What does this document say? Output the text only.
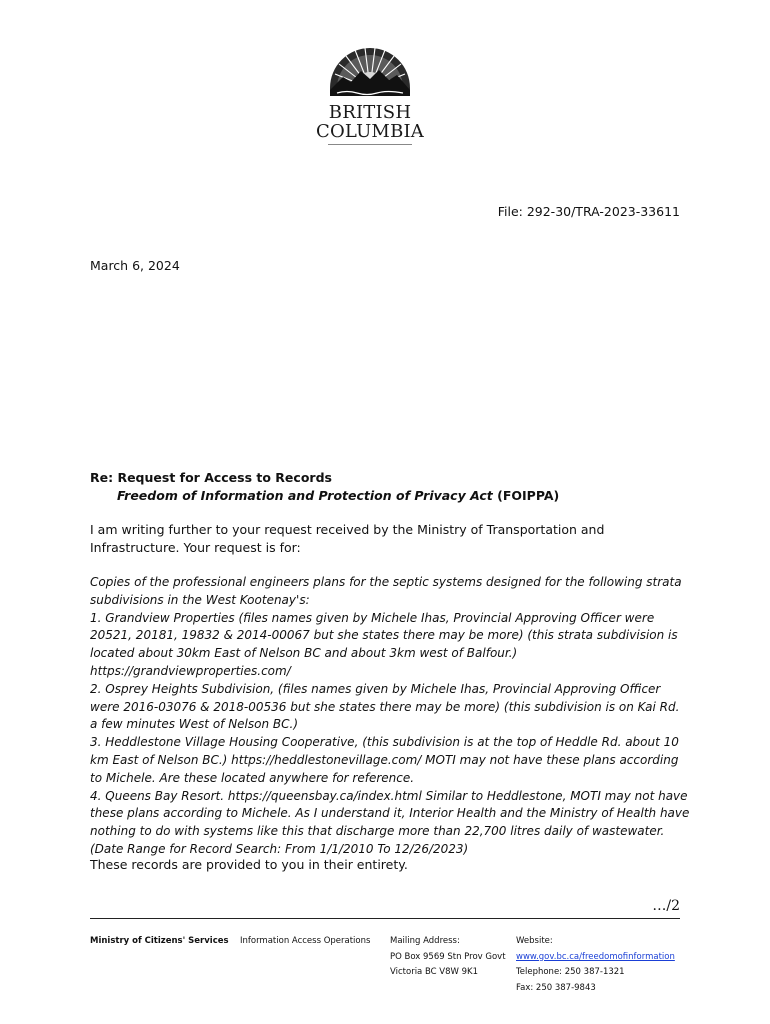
BRITISH
COLUMBIA
File: 292-30/TRA-2023-33611
March 6, 2024
Re: Request for Access to Records
Freedom of Information and Protection of Privacy Act (FOIPPA)
I am writing further to your request received by the Ministry of Transportation and Infrastructure. Your request is for:
Copies of the professional engineers plans for the septic systems designed for the following strata subdivisions in the West Kootenay's:
1. Grandview Properties (files names given by Michele Ihas, Provincial Approving Officer were 20521, 20181, 19832 & 2014-00067 but she states there may be more) (this strata subdivision is located about 30km East of Nelson BC and about 3km west of Balfour.) https://grandviewproperties.com/
2. Osprey Heights Subdivision, (files names given by Michele Ihas, Provincial Approving Officer were 2016-03076 & 2018-00536 but she states there may be more) (this subdivision is on Kai Rd. a few minutes West of Nelson BC.)
3. Heddlestone Village Housing Cooperative, (this subdivision is at the top of Heddle Rd. about 10 km East of Nelson BC.) https://heddlestonevillage.com/ MOTI may not have these plans according to Michele. Are these located anywhere for reference.
4. Queens Bay Resort. https://queensbay.ca/index.html Similar to Heddlestone, MOTI may not have these plans according to Michele. As I understand it, Interior Health and the Ministry of Health have nothing to do with systems like this that discharge more than 22,700 litres daily of wastewater. (Date Range for Record Search: From 1/1/2010 To 12/26/2023)
These records are provided to you in their entirety.
…/2
Ministry of Citizens' Services Information Access Operations Mailing Address:
PO Box 9569 Stn Prov Govt
Victoria BC V8W 9K1
Website:
www.gov.bc.ca/freedomofinformation
Telephone: 250 387-1321
Fax: 250 387-9843
